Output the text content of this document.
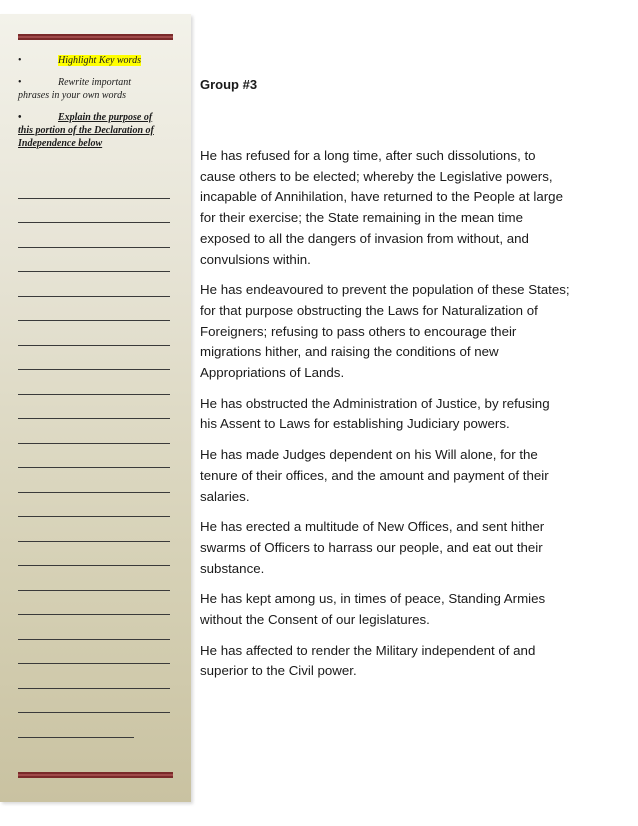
•	Highlight Key words
•	Rewrite important
phrases in your own words
•	Explain the purpose of
this portion of the Declaration of Independence below
Group #3

He has refused for a long time, after such dissolutions, to cause others to be elected; whereby the Legislative powers, incapable of Annihilation, have returned to the People at large for their exercise; the State remaining in the mean time exposed to all the dangers of invasion from without, and convulsions within.

He has endeavoured to prevent the population of these States; for that purpose obstructing the Laws for Naturalization of Foreigners; refusing to pass others to encourage their migrations hither, and raising the conditions of new Appropriations of Lands.

He has obstructed the Administration of Justice, by refusing his Assent to Laws for establishing Judiciary powers.

He has made Judges dependent on his Will alone, for the tenure of their offices, and the amount and payment of their salaries.

He has erected a multitude of New Offices, and sent hither swarms of Officers to harrass our people, and eat out their substance.

He has kept among us, in times of peace, Standing Armies without the Consent of our legislatures.

He has affected to render the Military independent of and superior to the Civil power.
